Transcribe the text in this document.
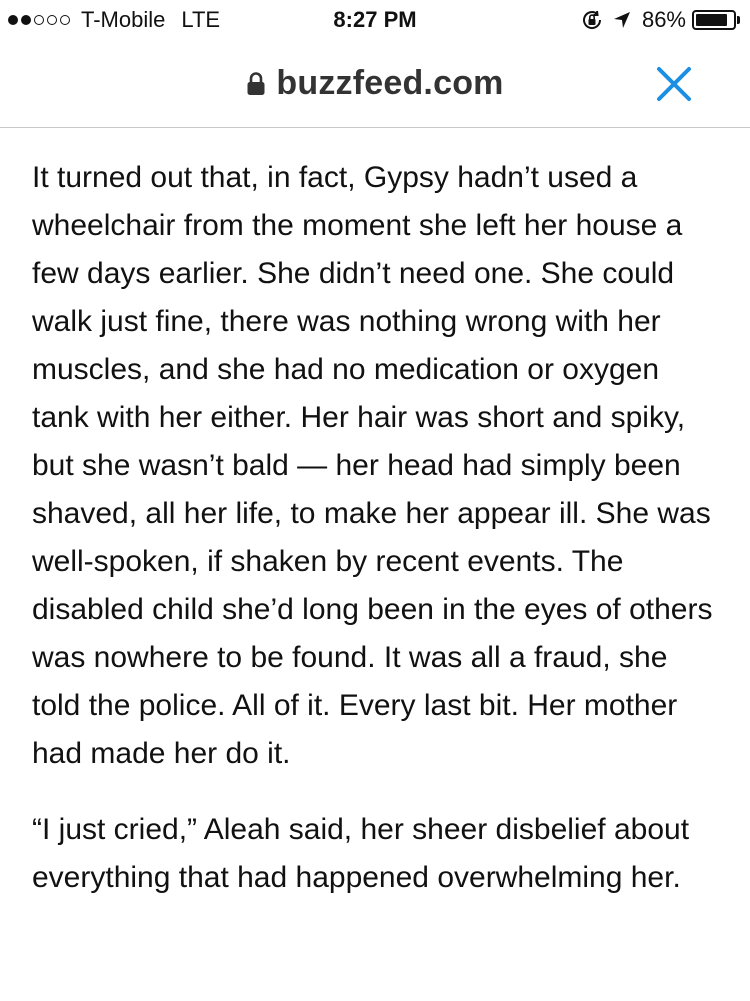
T-Mobile LTE	8:27 PM	86%
buzzfeed.com

It turned out that, in fact, Gypsy hadn’t used a wheelchair from the moment she left her house a few days earlier. She didn’t need one. She could walk just fine, there was nothing wrong with her muscles, and she had no medication or oxygen tank with her either. Her hair was short and spiky, but she wasn’t bald — her head had simply been shaved, all her life, to make her appear ill. She was well-spoken, if shaken by recent events. The disabled child she’d long been in the eyes of others was nowhere to be found. It was all a fraud, she told the police. All of it. Every last bit. Her mother had made her do it.

“I just cried,” Aleah said, her sheer disbelief about everything that had happened overwhelming her.
